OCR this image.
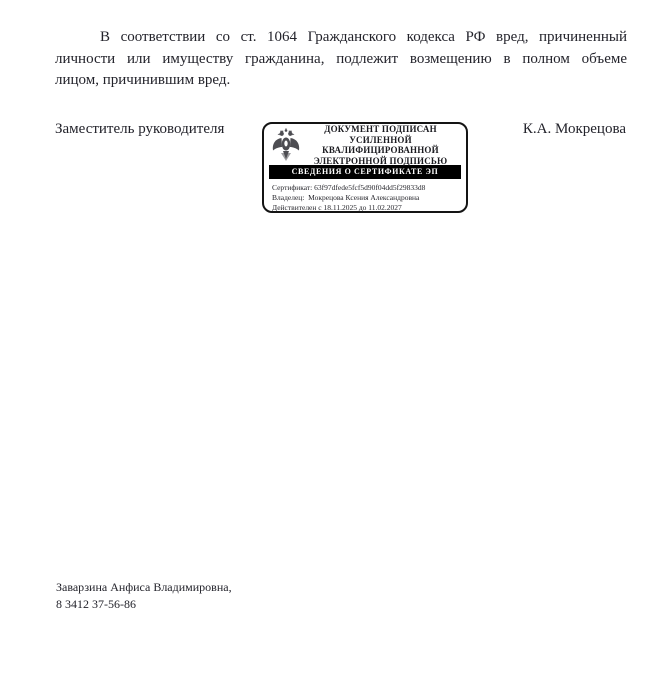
В соответствии со ст. 1064 Гражданского кодекса РФ вред, причиненный
личности или имуществу гражданина, подлежит возмещению в полном объеме
лицом, причинившим вред.
Заместитель руководителя	К.А. Мокрецова
ДОКУМЕНТ ПОДПИСАН
УСИЛЕННОЙ КВАЛИФИЦИРОВАННОЙ
ЭЛЕКТРОННОЙ ПОДПИСЬЮ
СВЕДЕНИЯ О СЕРТИФИКАТЕ ЭП
Сертификат: 63f97dfede5fcf5d90f04dd5f29833d8
Владелец: Мокрецова Ксения Александровна
Действителен с 18.11.2025 до 11.02.2027
Заварзина Анфиса Владимировна,
8 3412 37-56-86
